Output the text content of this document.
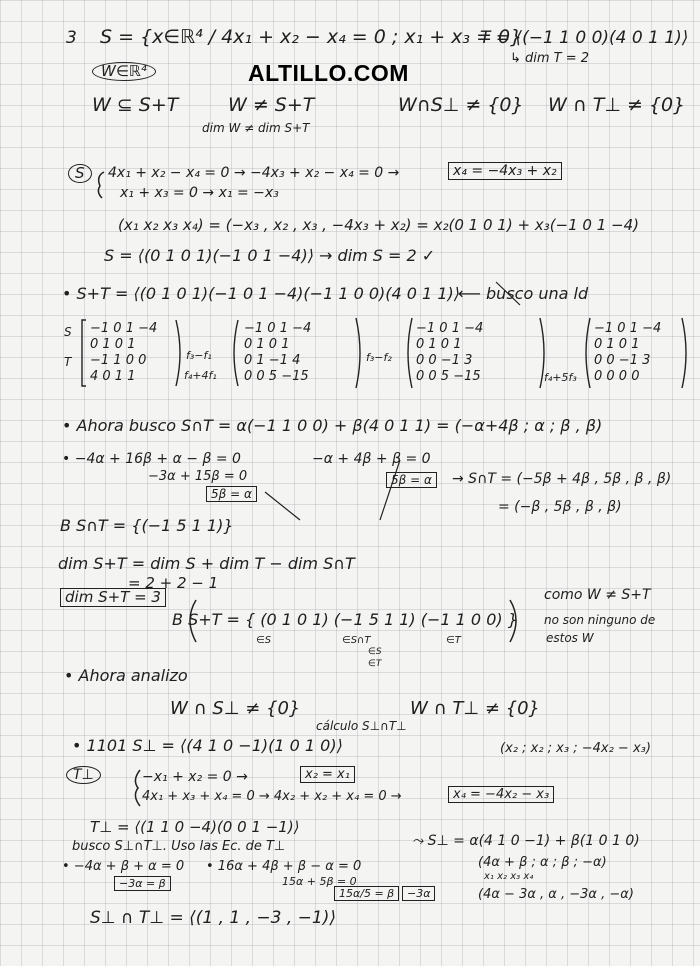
3 S = {x∈ℝ⁴ / 4x₁ + x₂ − x₄ = 0 ; x₁ + x₃ = 0}
T = ⟨(−1 1 0 0)(4 0 1 1)⟩
↳ dim T = 2
W∈ℝ⁴	ALTILLO.COM
W ⊆ S+T	W ≠ S+T
dim W ≠ dim S+T
W∩S⊥ ≠ {0} W ∩ T⊥ ≠ {0}
S	4x₁ + x₂ − x₄ = 0 → −4x₃ + x₂ − x₄ = 0 →	x₄ = −4x₃ + x₂
x₁ + x₃ = 0 → x₁ = −x₃
(x₁ x₂ x₃ x₄) = (−x₃ , x₂ , x₃ , −4x₃ + x₂) = x₂(0 1 0 1) + x₃(−1 0 1 −4)
S = ⟨(0 1 0 1)(−1 0 1 −4)⟩ → dim S = 2 ✓
• S+T = ⟨(0 1 0 1)(−1 0 1 −4)(−1 1 0 0)(4 0 1 1)⟩
⟵ busco una ld
S
T
−1 0 1 −4
0 1 0 1
−1 1 0 0
4 0 1 1
f₃−f₁
f₄+4f₁
−1 0 1 −4
0 1 0 1
0 1 −1 4
0 0 5 −15
f₃−f₂
−1 0 1 −4
0 1 0 1
0 0 −1 3
0 0 5 −15	f₄+5f₃
−1 0 1 −4
0 1 0 1
0 0 −1 3
0 0 0 0
• Ahora busco S∩T = α(−1 1 0 0) + β(4 0 1 1) = (−α+4β ; α ; β , β)
• −4α + 16β + α − β = 0
−3α + 15β = 0
5β = α
−α + 4β + β = 0
5β = α	→ S∩T = (−5β + 4β , 5β , β , β)
= (−β , 5β , β , β)
B S∩T = {(−1 5 1 1)}
dim S+T = dim S + dim T − dim S∩T
= 2 + 2 − 1
dim S+T = 3
B S+T = { (0 1 0 1) (−1 5 1 1) (−1 1 0 0) }
∈S	∈S∩T	∈T
∈S
∈T
como W ≠ S+T
no son ninguno de
estos W
• Ahora analizo
W ∩ S⊥ ≠ {0}	W ∩ T⊥ ≠ {0}
cálculo S⊥∩T⊥
• 1101 S⊥ = ⟨(4 1 0 −1)(1 0 1 0)⟩	(x₂ ; x₂ ; x₃ ; −4x₂ − x₃)
T⊥	−x₁ + x₂ = 0 →	x₂ = x₁
4x₁ + x₃ + x₄ = 0 → 4x₂ + x₂ + x₄ = 0 →	x₄ = −4x₂ − x₃
T⊥ = ⟨(1 1 0 −4)(0 0 1 −1)⟩
busco S⊥∩T⊥. Uso las Ec. de T⊥	⤳ S⊥ = α(4 1 0 −1) + β(1 0 1 0)
(4α + β ; α ; β ; −α)
x₁ x₂ x₃ x₄
• −4α + β + α = 0
−3α = β
• 16α + 4β + β − α = 0
15α + 5β = 0
15α/5 = β	−3α	(4α − 3α , α , −3α , −α)
S⊥ ∩ T⊥ = ⟨(1 , 1 , −3 , −1)⟩
